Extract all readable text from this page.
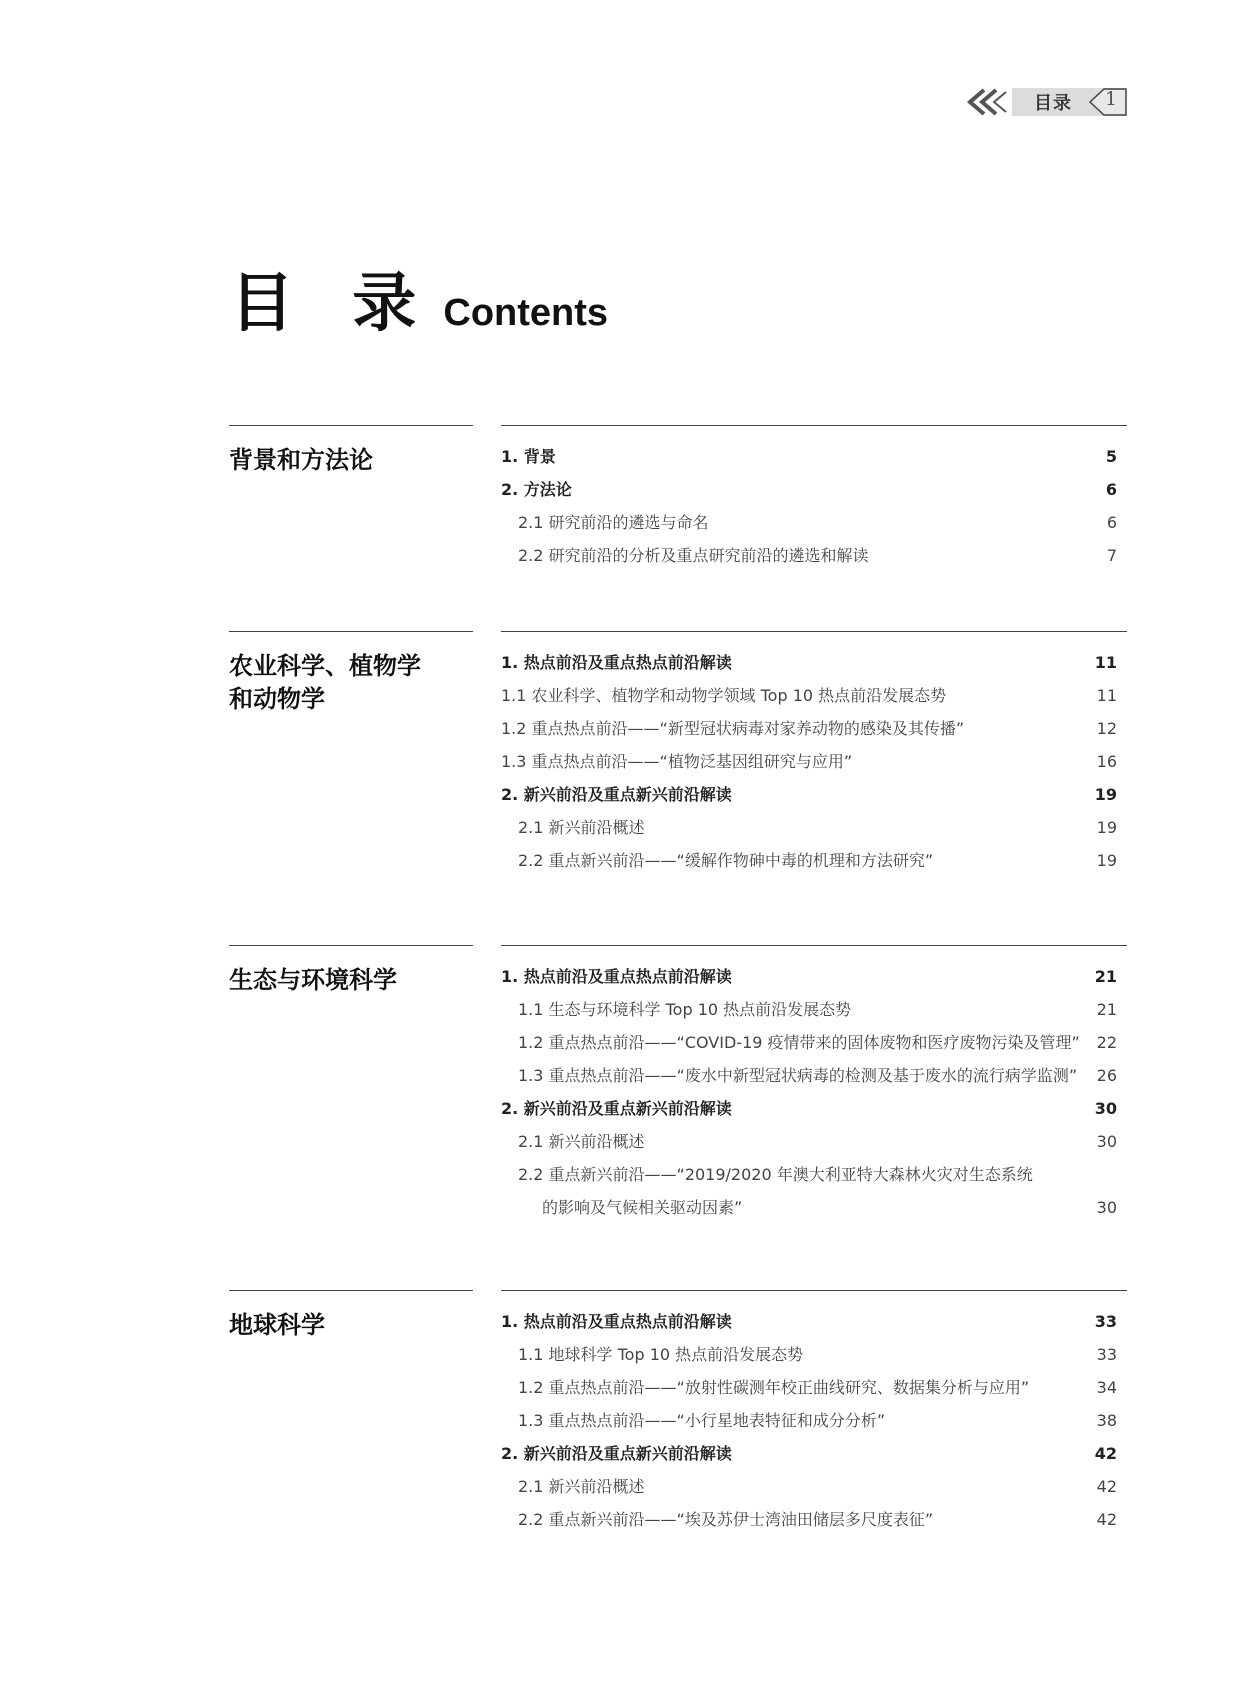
目录	1
目 录 Contents
背景和方法论	1. 背景	5
2. 方法论	6
2.1 研究前沿的遴选与命名	6
2.2 研究前沿的分析及重点研究前沿的遴选和解读	7
农业科学、植物学
和动物学
1. 热点前沿及重点热点前沿解读	11
1.1 农业科学、植物学和动物学领域 Top 10 热点前沿发展态势	11
1.2 重点热点前沿——“新型冠状病毒对家养动物的感染及其传播”	12
1.3 重点热点前沿——“植物泛基因组研究与应用”	16
2. 新兴前沿及重点新兴前沿解读	19
2.1 新兴前沿概述	19
2.2 重点新兴前沿——“缓解作物砷中毒的机理和方法研究”	19
生态与环境科学	1. 热点前沿及重点热点前沿解读	21
1.1 生态与环境科学 Top 10 热点前沿发展态势	21
1.2 重点热点前沿——“COVID-19 疫情带来的固体废物和医疗废物污染及管理” 22
1.3 重点热点前沿——“废水中新型冠状病毒的检测及基于废水的流行病学监测” 26
2. 新兴前沿及重点新兴前沿解读	30
2.1 新兴前沿概述	30
2.2 重点新兴前沿——“2019/2020 年澳大利亚特大森林火灾对生态系统
的影响及气候相关驱动因素”	30
地球科学	1. 热点前沿及重点热点前沿解读	33
1.1 地球科学 Top 10 热点前沿发展态势	33
1.2 重点热点前沿——“放射性碳测年校正曲线研究、数据集分析与应用”	34
1.3 重点热点前沿——“小行星地表特征和成分分析”	38
2. 新兴前沿及重点新兴前沿解读	42
2.1 新兴前沿概述	42
2.2 重点新兴前沿——“埃及苏伊士湾油田储层多尺度表征”	42
